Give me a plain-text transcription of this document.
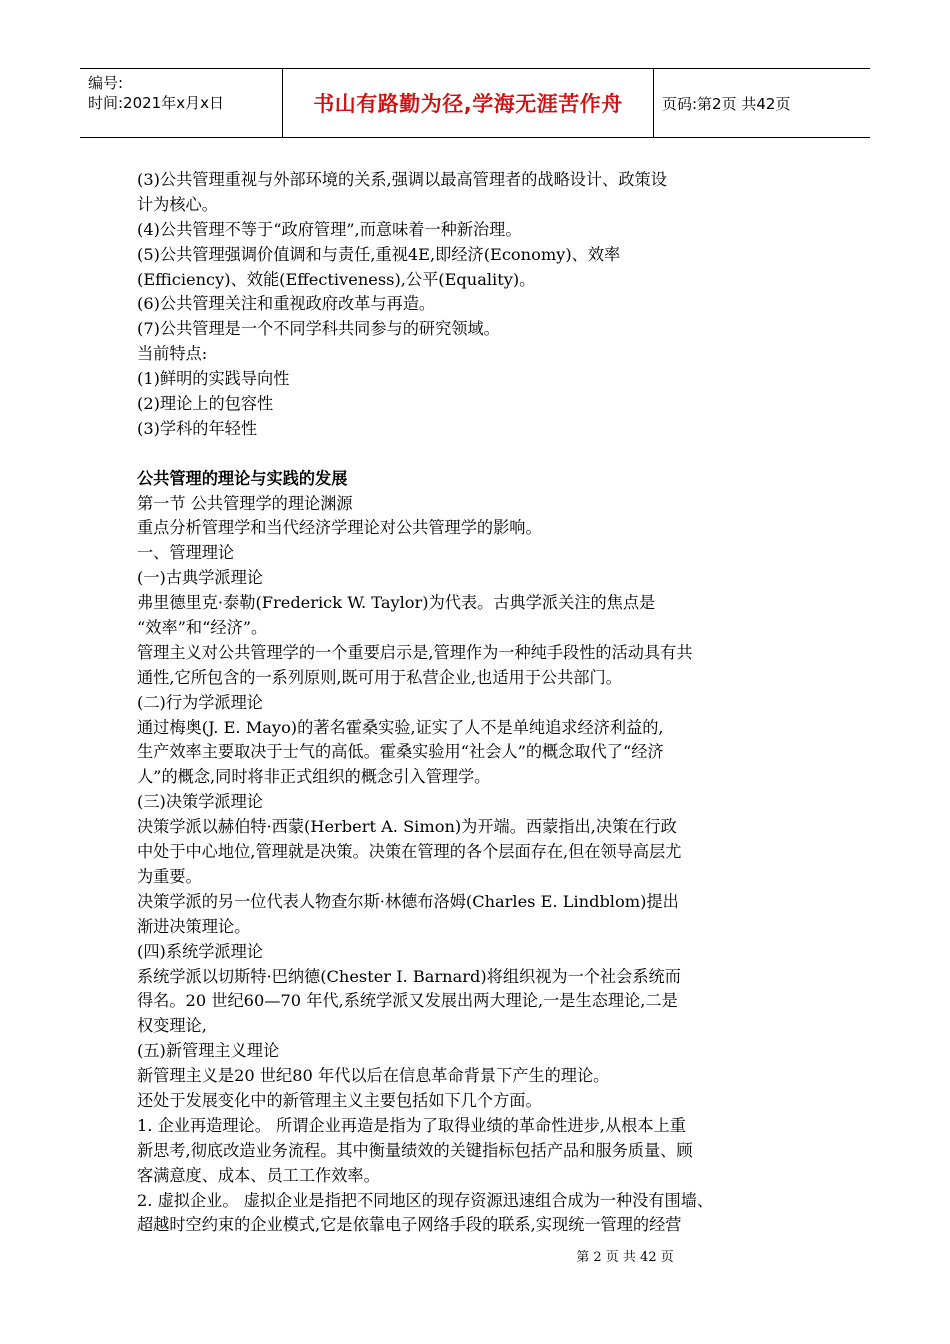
编号:
时间:2021年x月x日	书山有路勤为径,学海无涯苦作舟	页码:第2页 共42页
(3)公共管理重视与外部环境的关系,强调以最高管理者的战略设计、政策设
计为核心。
(4)公共管理不等于“政府管理”,而意味着一种新治理。
(5)公共管理强调价值调和与责任,重视4E,即经济(Economy)、效率
(Efficiency)、效能(Effectiveness),公平(Equality)。
(6)公共管理关注和重视政府改革与再造。
(7)公共管理是一个不同学科共同参与的研究领域。
当前特点:
(1)鲜明的实践导向性
(2)理论上的包容性
(3)学科的年轻性
公共管理的理论与实践的发展
第一节 公共管理学的理论渊源
重点分析管理学和当代经济学理论对公共管理学的影响。
一、管理理论
(一)古典学派理论
弗里德里克·泰勒(Frederick W. Taylor)为代表。古典学派关注的焦点是
“效率”和“经济”。
管理主义对公共管理学的一个重要启示是,管理作为一种纯手段性的活动具有共
通性,它所包含的一系列原则,既可用于私营企业,也适用于公共部门。
(二)行为学派理论
通过梅奥(J. E. Mayo)的著名霍桑实验,证实了人不是单纯追求经济利益的,
生产效率主要取决于士气的高低。霍桑实验用“社会人”的概念取代了“经济
人”的概念,同时将非正式组织的概念引入管理学。
(三)决策学派理论
决策学派以赫伯特·西蒙(Herbert A. Simon)为开端。西蒙指出,决策在行政
中处于中心地位,管理就是决策。决策在管理的各个层面存在,但在领导高层尤
为重要。
决策学派的另一位代表人物查尔斯·林德布洛姆(Charles E. Lindblom)提出
渐进决策理论。
(四)系统学派理论
系统学派以切斯特·巴纳德(Chester I. Barnard)将组织视为一个社会系统而
得名。20 世纪60—70 年代,系统学派又发展出两大理论,一是生态理论,二是
权变理论,
(五)新管理主义理论
新管理主义是20 世纪80 年代以后在信息革命背景下产生的理论。
还处于发展变化中的新管理主义主要包括如下几个方面。
1. 企业再造理论。 所谓企业再造是指为了取得业绩的革命性进步,从根本上重
新思考,彻底改造业务流程。其中衡量绩效的关键指标包括产品和服务质量、顾
客满意度、成本、员工工作效率。
2. 虚拟企业。 虚拟企业是指把不同地区的现存资源迅速组合成为一种没有围墙、
超越时空约束的企业模式,它是依靠电子网络手段的联系,实现统一管理的经营
第 2 页 共 42 页
